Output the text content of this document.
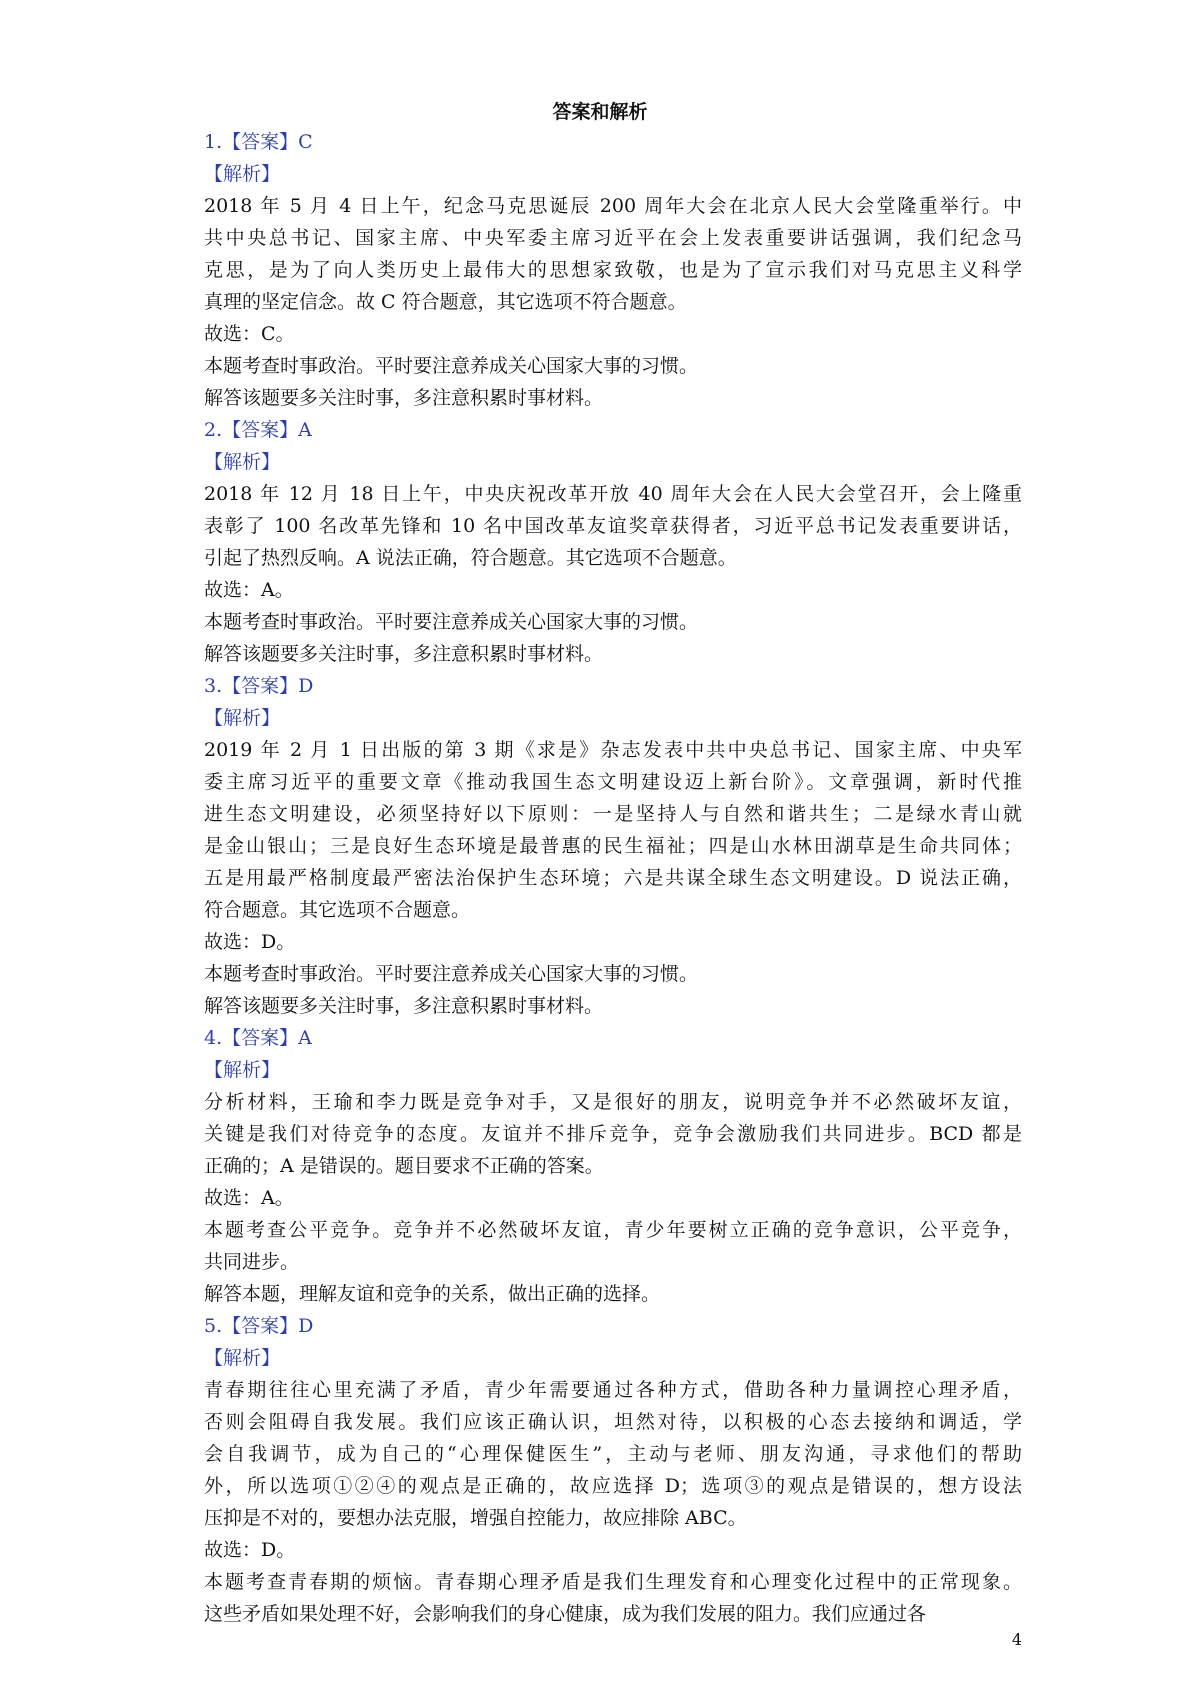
答案和解析
1.【答案】C
【解析】
2018 年 5 月 4 日上午，纪念马克思诞辰 200 周年大会在北京人民大会堂隆重举行。中
共中央总书记、国家主席、中央军委主席习近平在会上发表重要讲话强调，我们纪念马
克思，是为了向人类历史上最伟大的思想家致敬，也是为了宣示我们对马克思主义科学
真理的坚定信念。故 C 符合题意，其它选项不符合题意。
故选：C。
本题考查时事政治。平时要注意养成关心国家大事的习惯。
解答该题要多关注时事，多注意积累时事材料。
2.【答案】A
【解析】
2018 年 12 月 18 日上午，中央庆祝改革开放 40 周年大会在人民大会堂召开，会上隆重
表彰了 100 名改革先锋和 10 名中国改革友谊奖章获得者，习近平总书记发表重要讲话，
引起了热烈反响。A 说法正确，符合题意。其它选项不合题意。
故选：A。
本题考查时事政治。平时要注意养成关心国家大事的习惯。
解答该题要多关注时事，多注意积累时事材料。
3.【答案】D
【解析】
2019 年 2 月 1 日出版的第 3 期《求是》杂志发表中共中央总书记、国家主席、中央军
委主席习近平的重要文章《推动我国生态文明建设迈上新台阶》。文章强调，新时代推
进生态文明建设，必须坚持好以下原则：一是坚持人与自然和谐共生；二是绿水青山就
是金山银山；三是良好生态环境是最普惠的民生福祉；四是山水林田湖草是生命共同体；
五是用最严格制度最严密法治保护生态环境；六是共谋全球生态文明建设。D 说法正确，
符合题意。其它选项不合题意。
故选：D。
本题考查时事政治。平时要注意养成关心国家大事的习惯。
解答该题要多关注时事，多注意积累时事材料。
4.【答案】A
【解析】
分析材料，王瑜和李力既是竞争对手，又是很好的朋友，说明竞争并不必然破坏友谊，
关键是我们对待竞争的态度。友谊并不排斥竞争，竞争会激励我们共同进步。BCD 都是
正确的；A 是错误的。题目要求不正确的答案。
故选：A。
本题考查公平竞争。竞争并不必然破坏友谊，青少年要树立正确的竞争意识，公平竞争，
共同进步。
解答本题，理解友谊和竞争的关系，做出正确的选择。
5.【答案】D
【解析】
青春期往往心里充满了矛盾，青少年需要通过各种方式，借助各种力量调控心理矛盾，
否则会阻碍自我发展。我们应该正确认识，坦然对待，以积极的心态去接纳和调适，学
会自我调节，成为自己的“心理保健医生”，主动与老师、朋友沟通，寻求他们的帮助
外，所以选项①②④的观点是正确的，故应选择 D；选项③的观点是错误的，想方设法
压抑是不对的，要想办法克服，增强自控能力，故应排除 ABC。
故选：D。
本题考查青春期的烦恼。青春期心理矛盾是我们生理发育和心理变化过程中的正常现象。
这些矛盾如果处理不好，会影响我们的身心健康，成为我们发展的阻力。我们应通过各
4
